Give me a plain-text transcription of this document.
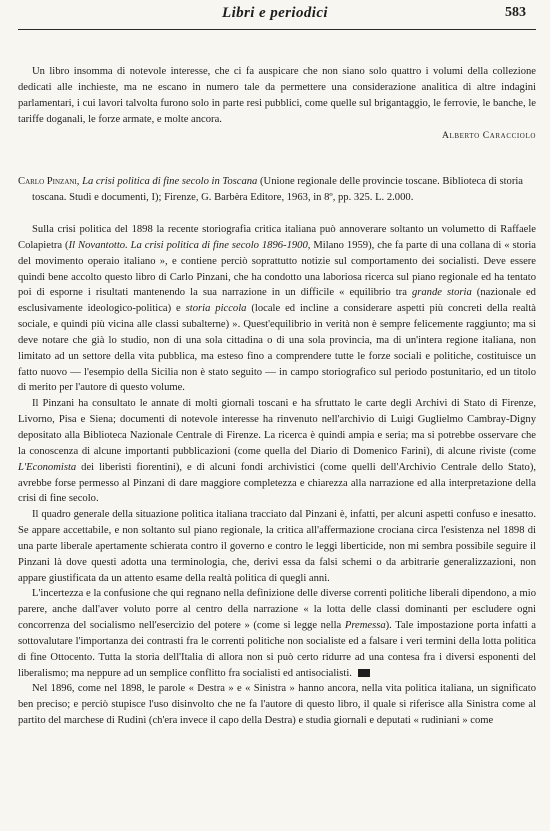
Libri e periodici	583

Un libro insomma di notevole interesse, che ci fa auspicare che non siano solo quattro i volumi della collezione dedicati alle inchieste, ma ne escano in numero tale da permettere una considerazione analitica di altre indagini parlamentari, i cui lavori talvolta furono solo in parte resi pubblici, come quelle sul brigantaggio, le ferrovie, le banche, le tariffe doganali, le forze armate, e molte ancora.

Alberto Caracciolo

Carlo Pinzani, La crisi politica di fine secolo in Toscana (Unione regionale delle provincie toscane. Biblioteca di storia toscana. Studi e documenti, I); Firenze, G. Barbèra Editore, 1963, in 8º, pp. 325. L. 2.000.

Sulla crisi politica del 1898 la recente storiografia critica italiana può annoverare soltanto un volumetto di Raffaele Colapietra (Il Novantotto. La crisi politica di fine secolo 1896-1900, Milano 1959), che fa parte di una collana di « storia del movimento operaio italiano », e contiene perciò soprattutto notizie sul comportamento dei socialisti. Deve essere quindi bene accolto questo libro di Carlo Pinzani, che ha condotto una laboriosa ricerca sul piano regionale ed ha tentato poi di esporne i risultati mantenendo la sua narrazione in un difficile « equilibrio tra grande storia (nazionale ed esclusivamente ideologico-politica) e storia piccola (locale ed incline a considerare aspetti più concreti della realtà sociale, e quindi più vicina alle classi subalterne) ». Quest'equilibrio in verità non è sempre felicemente raggiunto; ma si deve notare che già lo studio, non di una sola cittadina o di una sola provincia, ma di un'intera regione italiana, non limitato ad un settore della vita pubblica, ma esteso fino a comprendere tutte le forze sociali e politiche, costituisce un fatto nuovo — l'esempio della Sicilia non è stato seguito — in campo storiografico sul periodo postunitario, ed un titolo di merito per l'autore di questo volume.

Il Pinzani ha consultato le annate di molti giornali toscani e ha sfruttato le carte degli Archivi di Stato di Firenze, Livorno, Pisa e Siena; documenti di notevole interesse ha rinvenuto nell'archivio di Luigi Guglielmo Cambray-Digny depositato alla Biblioteca Nazionale Centrale di Firenze. La ricerca è quindi ampia e seria; ma si potrebbe osservare che la conoscenza di alcune importanti pubblicazioni (come quella del Diario di Domenico Farini), di alcune riviste (come L'Economista dei liberisti fiorentini), e di alcuni fondi archivistici (come quelli dell'Archivio Centrale dello Stato), avrebbe forse permesso al Pinzani di dare maggiore completezza e chiarezza alla narrazione ed alla interpretazione della crisi di fine secolo.

Il quadro generale della situazione politica italiana tracciato dal Pinzani è, infatti, per alcuni aspetti confuso e inesatto. Se appare accettabile, e non soltanto sul piano regionale, la critica all'affermazione crociana circa l'esistenza nel 1898 di una parte liberale apertamente schierata contro il governo e contro le leggi liberticide, non mi sembra possibile seguire il Pinzani là dove questi adotta una terminologia, che, derivi essa da falsi schemi o da arbitrarie generalizzazioni, non appare giustificata da un attento esame della realtà politica di quegli anni.

L'incertezza e la confusione che qui regnano nella definizione delle diverse correnti politiche liberali dipendono, a mio parere, anche dall'aver voluto porre al centro della narrazione « la lotta delle classi dominanti per escludere ogni concorrenza del socialismo nell'esercizio del potere » (come si legge nella Premessa). Tale impostazione porta infatti a sottovalutare l'importanza dei contrasti fra le correnti politiche non socialiste ed a falsare i veri termini della lotta politica di fine Ottocento. Tutta la storia dell'Italia di allora non si può certo ridurre ad una contesa fra i diversi esponenti del liberalismo; ma neppure ad un semplice conflitto fra socialisti ed antisocialisti.

Nel 1896, come nel 1898, le parole « Destra » e « Sinistra » hanno ancora, nella vita politica italiana, un significato ben preciso; e perciò stupisce l'uso disinvolto che ne fa l'autore di questo libro, il quale si riferisce alla Sinistra come al partito del marchese di Rudinì (ch'era invece il capo della Destra) e studia giornali e deputati « rudiniani » come
